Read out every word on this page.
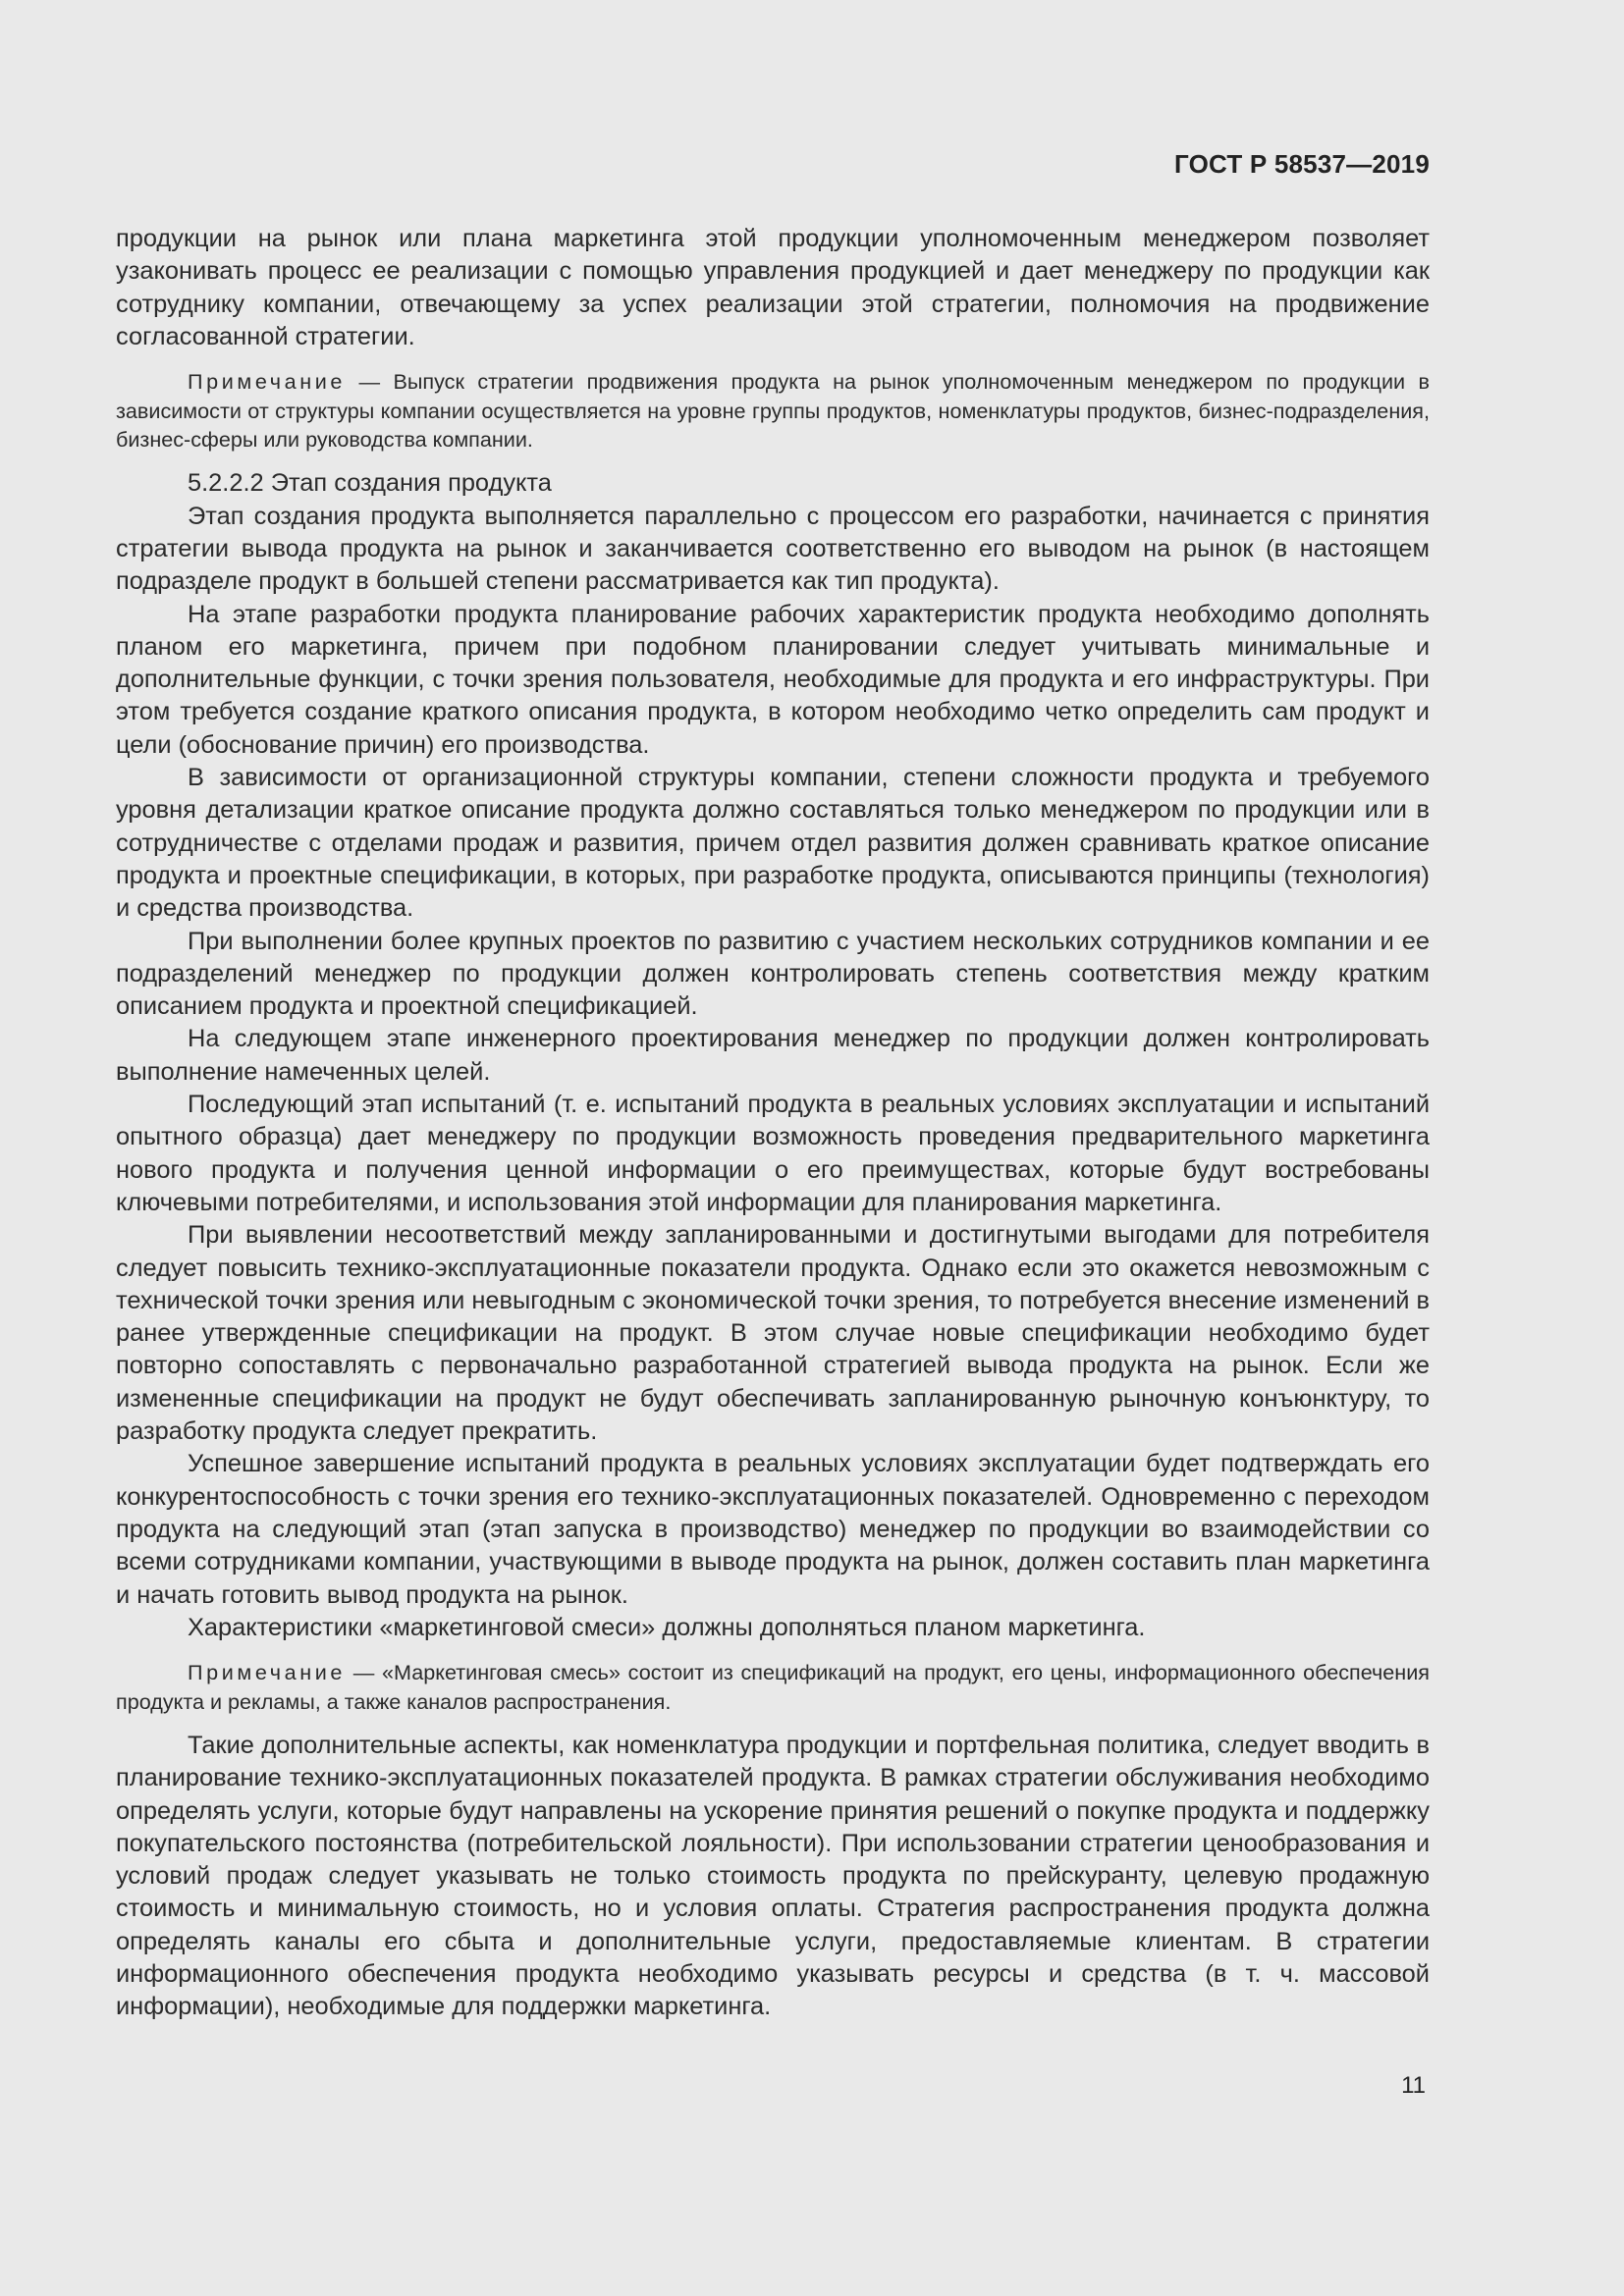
ГОСТ Р 58537—2019

продукции на рынок или плана маркетинга этой продукции уполномоченным менеджером позволяет узаконивать процесс ее реализации с помощью управления продукцией и дает менеджеру по продукции как сотруднику компании, отвечающему за успех реализации этой стратегии, полномочия на продвижение согласованной стратегии.

Примечание — Выпуск стратегии продвижения продукта на рынок уполномоченным менеджером по продукции в зависимости от структуры компании осуществляется на уровне группы продуктов, номенклатуры продуктов, бизнес-подразделения, бизнес-сферы или руководства компании.

5.2.2.2 Этап создания продукта

Этап создания продукта выполняется параллельно с процессом его разработки, начинается с принятия стратегии вывода продукта на рынок и заканчивается соответственно его выводом на рынок (в настоящем подразделе продукт в большей степени рассматривается как тип продукта).

На этапе разработки продукта планирование рабочих характеристик продукта необходимо дополнять планом его маркетинга, причем при подобном планировании следует учитывать минимальные и дополнительные функции, с точки зрения пользователя, необходимые для продукта и его инфраструктуры. При этом требуется создание краткого описания продукта, в котором необходимо четко определить сам продукт и цели (обоснование причин) его производства.

В зависимости от организационной структуры компании, степени сложности продукта и требуемого уровня детализации краткое описание продукта должно составляться только менеджером по продукции или в сотрудничестве с отделами продаж и развития, причем отдел развития должен сравнивать краткое описание продукта и проектные спецификации, в которых, при разработке продукта, описываются принципы (технология) и средства производства.

При выполнении более крупных проектов по развитию с участием нескольких сотрудников компании и ее подразделений менеджер по продукции должен контролировать степень соответствия между кратким описанием продукта и проектной спецификацией.

На следующем этапе инженерного проектирования менеджер по продукции должен контролировать выполнение намеченных целей.

Последующий этап испытаний (т. е. испытаний продукта в реальных условиях эксплуатации и испытаний опытного образца) дает менеджеру по продукции возможность проведения предварительного маркетинга нового продукта и получения ценной информации о его преимуществах, которые будут востребованы ключевыми потребителями, и использования этой информации для планирования маркетинга.

При выявлении несоответствий между запланированными и достигнутыми выгодами для потребителя следует повысить технико-эксплуатационные показатели продукта. Однако если это окажется невозможным с технической точки зрения или невыгодным с экономической точки зрения, то потребуется внесение изменений в ранее утвержденные спецификации на продукт. В этом случае новые спецификации необходимо будет повторно сопоставлять с первоначально разработанной стратегией вывода продукта на рынок. Если же измененные спецификации на продукт не будут обеспечивать запланированную рыночную конъюнктуру, то разработку продукта следует прекратить.

Успешное завершение испытаний продукта в реальных условиях эксплуатации будет подтверждать его конкурентоспособность с точки зрения его технико-эксплуатационных показателей. Одновременно с переходом продукта на следующий этап (этап запуска в производство) менеджер по продукции во взаимодействии со всеми сотрудниками компании, участвующими в выводе продукта на рынок, должен составить план маркетинга и начать готовить вывод продукта на рынок.

Характеристики «маркетинговой смеси» должны дополняться планом маркетинга.

Примечание — «Маркетинговая смесь» состоит из спецификаций на продукт, его цены, информационного обеспечения продукта и рекламы, а также каналов распространения.

Такие дополнительные аспекты, как номенклатура продукции и портфельная политика, следует вводить в планирование технико-эксплуатационных показателей продукта. В рамках стратегии обслуживания необходимо определять услуги, которые будут направлены на ускорение принятия решений о покупке продукта и поддержку покупательского постоянства (потребительской лояльности). При использовании стратегии ценообразования и условий продаж следует указывать не только стоимость продукта по прейскуранту, целевую продажную стоимость и минимальную стоимость, но и условия оплаты. Стратегия распространения продукта должна определять каналы его сбыта и дополнительные услуги, предоставляемые клиентам. В стратегии информационного обеспечения продукта необходимо указывать ресурсы и средства (в т. ч. массовой информации), необходимые для поддержки маркетинга.

11
